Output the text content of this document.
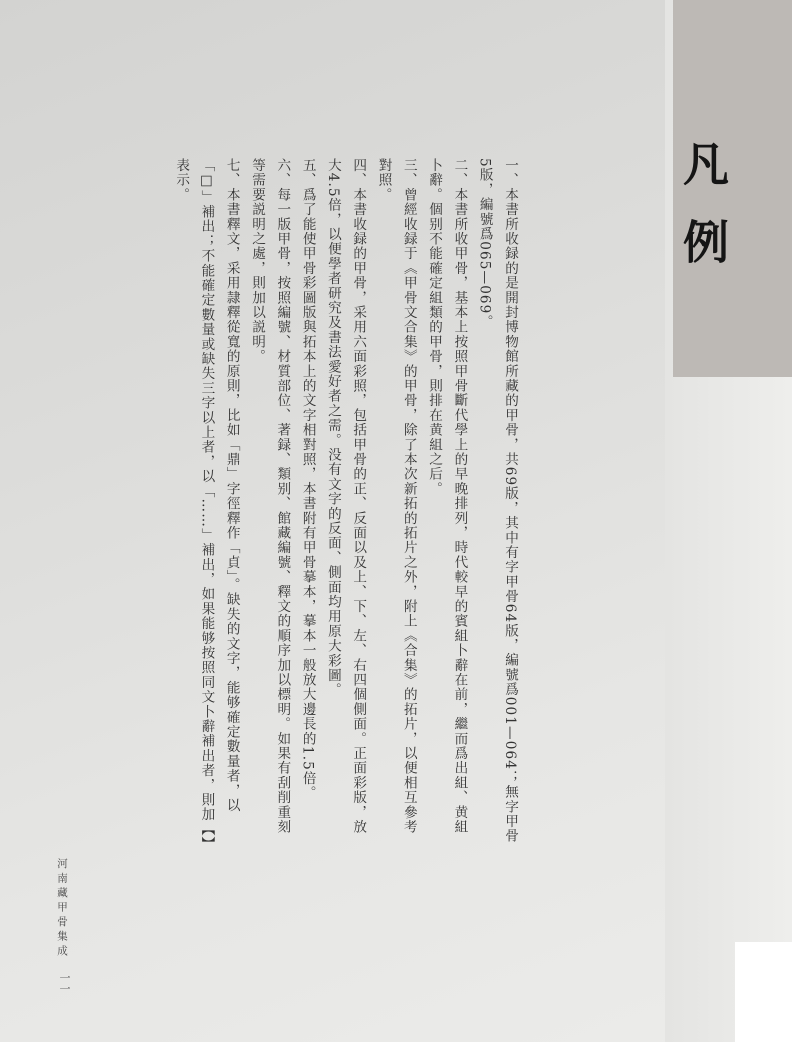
凡例

一、本書所收録的是開封博物館所藏的甲骨，共69版，其中有字甲骨64版，編號爲001—064；無字甲骨5版，編號爲065—069。

二、本書所收甲骨，基本上按照甲骨斷代學上的早晚排列，時代較早的賓組卜辭在前，繼而爲出組、黄組卜辭。個别不能確定組類的甲骨，則排在黄組之后。

三、曾經收録于《甲骨文合集》的甲骨，除了本次新拓的拓片之外，附上《合集》的拓片，以便相互參考對照。

四、本書收録的甲骨，采用六面彩照，包括甲骨的正、反面以及上、下、左、右四個側面。正面彩版，放大4.5倍，以便學者研究及書法愛好者之需。没有文字的反面、側面均用原大彩圖。

五、爲了能使甲骨彩圖版與拓本上的文字相對照，本書附有甲骨摹本，摹本一般放大邊長的1.5倍。

六、每一版甲骨，按照編號、材質部位、著録、類别、館藏編號、釋文的順序加以標明。如果有刮削重刻等需要説明之處，則加以説明。

七、本書釋文，采用隷釋從寬的原則，比如「鼎」字徑釋作「貞」。缺失的文字，能够確定數量者，以「□」補出；不能確定數量或缺失三字以上者，以「……」補出，如果能够按照同文卜辭補出者，則加【】表示。

河南藏甲骨集成
一一
